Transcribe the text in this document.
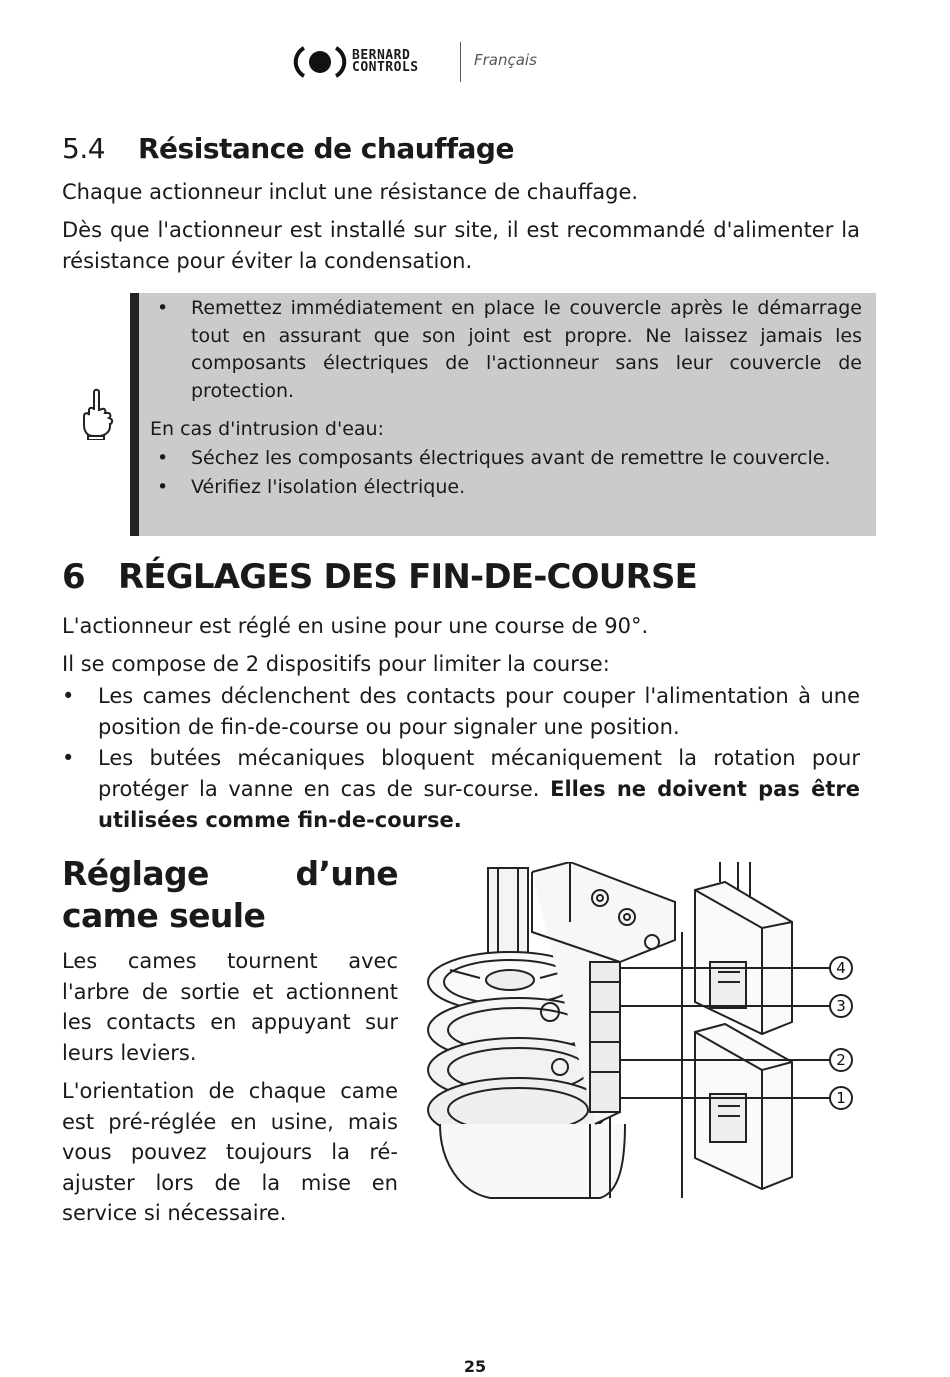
BERNARD
CONTROLS	Français
5.4 Résistance de chauffage

Chaque actionneur inclut une résistance de chauffage.

Dès que l'actionneur est installé sur site, il est recommandé d'alimenter la résistance pour éviter la condensation.

• Remettez immédiatement en place le couvercle après le démarrage tout en assurant que son joint est propre. Ne laissez jamais les composants électriques de l'actionneur sans leur couvercle de protection.
En cas d'intrusion d'eau:
• Séchez les composants électriques avant de remettre le couvercle.
• Vérifiez l'isolation électrique.
6 RÉGLAGES DES FIN-DE-COURSE

L'actionneur est réglé en usine pour une course de 90°.

Il se compose de 2 dispositifs pour limiter la course:

• Les cames déclenchent des contacts pour couper l'alimentation à une position de fin-de-course ou pour signaler une position.
• Les butées mécaniques bloquent mécaniquement la rotation pour protéger la vanne en cas de sur-course. Elles ne doivent pas être utilisées comme fin-de-course.
Réglage d’une came seule

Les cames tournent avec l'arbre de sortie et actionnent les contacts en appuyant sur leurs leviers.

L'orientation de chaque came est pré-réglée en usine, mais vous pouvez toujours la ré-ajuster lors de la mise en service si nécessaire.

4
3
2
1
25
